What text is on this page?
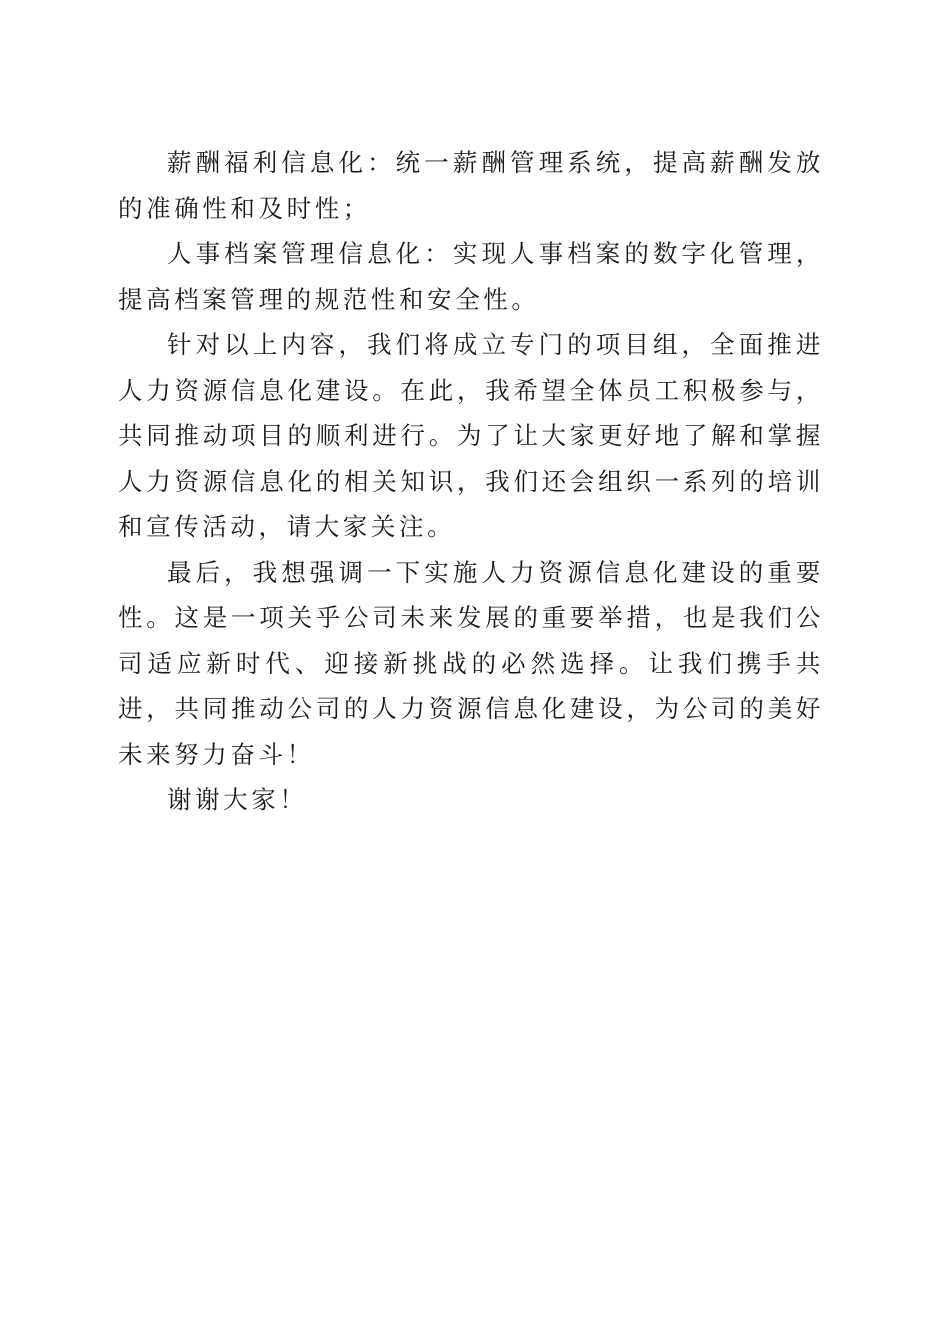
薪酬福利信息化：统一薪酬管理系统，提高薪酬发放的准确性和及时性；

人事档案管理信息化：实现人事档案的数字化管理，提高档案管理的规范性和安全性。

针对以上内容，我们将成立专门的项目组，全面推进人力资源信息化建设。在此，我希望全体员工积极参与，共同推动项目的顺利进行。为了让大家更好地了解和掌握人力资源信息化的相关知识，我们还会组织一系列的培训和宣传活动，请大家关注。

最后，我想强调一下实施人力资源信息化建设的重要性。这是一项关乎公司未来发展的重要举措，也是我们公司适应新时代、迎接新挑战的必然选择。让我们携手共进，共同推动公司的人力资源信息化建设，为公司的美好未来努力奋斗！

谢谢大家！
